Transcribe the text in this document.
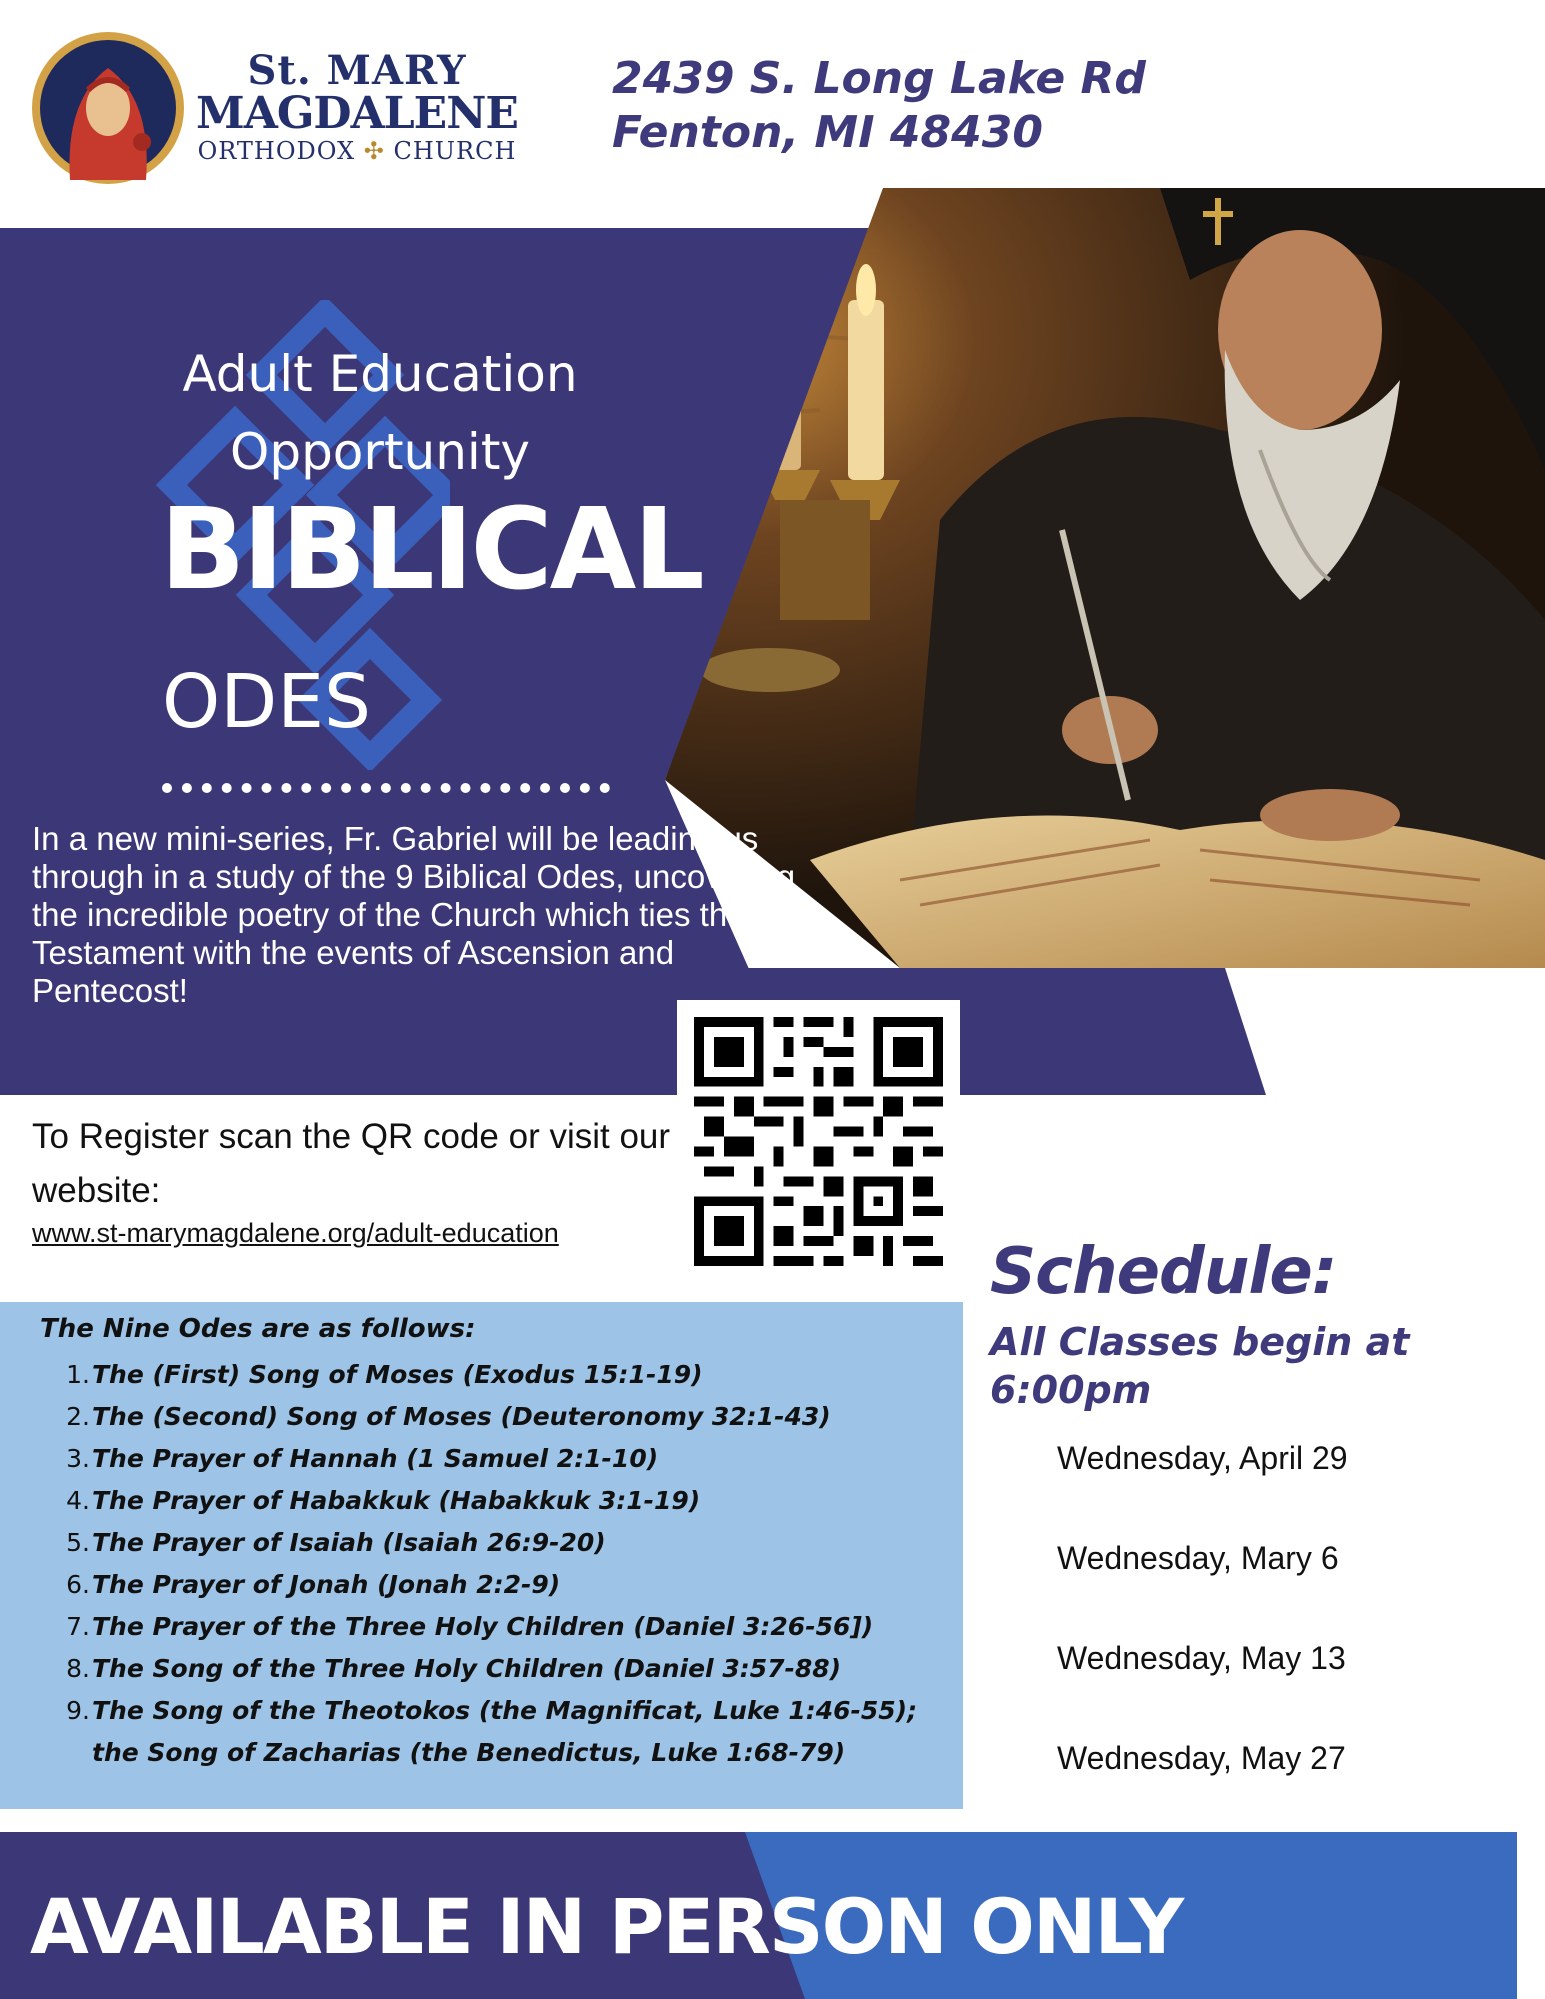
St. MARY
MAGDALENE
ORTHODOX ✣ CHURCH
2439 S. Long Lake Rd
Fenton, MI 48430
Adult Education
Opportunity
BIBLICAL
ODES
In a new mini-series, Fr. Gabriel will be leading us through in a study of the 9 Biblical Odes, uncovering the incredible poetry of the Church which ties the Old Testament with the events of Ascension and Pentecost!
To Register scan the QR code or visit our website:
www.st-marymagdalene.org/adult-education
The Nine Odes are as follows:
1. The (First) Song of Moses (Exodus 15:1-19)
2. The (Second) Song of Moses (Deuteronomy 32:1-43)
3. The Prayer of Hannah (1 Samuel 2:1-10)
4. The Prayer of Habakkuk (Habakkuk 3:1-19)
5. The Prayer of Isaiah (Isaiah 26:9-20)
6. The Prayer of Jonah (Jonah 2:2-9)
7. The Prayer of the Three Holy Children (Daniel 3:26-56])
8. The Song of the Three Holy Children (Daniel 3:57-88)
9. The Song of the Theotokos (the Magnificat, Luke 1:46-55);
the Song of Zacharias (the Benedictus, Luke 1:68-79)
Schedule:
All Classes begin at 6:00pm
Wednesday, April 29
Wednesday, Mary 6
Wednesday, May 13
Wednesday, May 27
AVAILABLE IN PERSON ONLY
